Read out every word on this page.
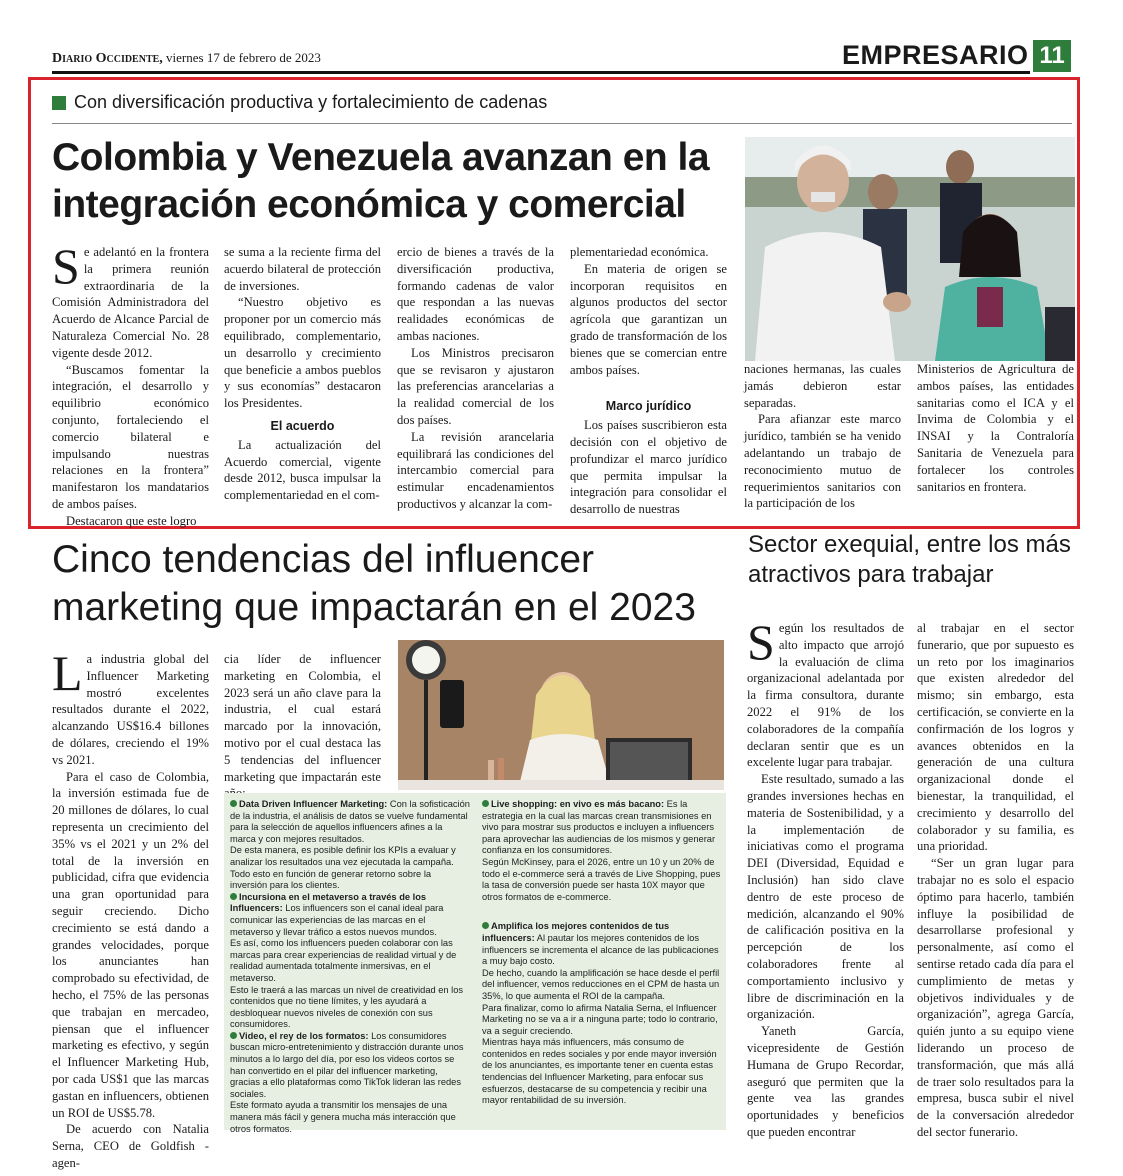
Diario Occidente, viernes 17 de febrero de 2023	EMPRESARIO 11
Con diversificación productiva y fortalecimiento de cadenas
Colombia y Venezuela avanzan en la integración económica y comercial
S e adelantó en la frontera la primera reunión extraordinaria de la Comisión Administradora del Acuerdo de Alcance Parcial de Naturaleza Comercial No. 28 vigente desde 2012.

“Buscamos fomentar la integración, el desarrollo y equilibrio económico conjunto, fortaleciendo el comercio bilateral e impulsando nuestras relaciones en la frontera” manifestaron los mandatarios de ambos países.

Destacaron que este logro

se suma a la reciente firma del acuerdo bilateral de protección de inversiones.

“Nuestro objetivo es proponer por un comercio más equilibrado, complementario, un desarrollo y crecimiento que beneficie a ambos pueblos y sus economías” destacaron los Presidentes.

El acuerdo

La actualización del Acuerdo comercial, vigente desde 2012, busca impulsar la complementariedad en el com-

ercio de bienes a través de la diversificación productiva, formando cadenas de valor que respondan a las nuevas realidades económicas de ambas naciones.

Los Ministros precisaron que se revisaron y ajustaron las preferencias arancelarias a la realidad comercial de los dos países.

La revisión arancelaria equilibrará las condiciones del intercambio comercial para estimular encadenamientos productivos y alcanzar la com-

plementariedad económica.

En materia de origen se incorporan requisitos en algunos productos del sector agrícola que garantizan un grado de transformación de los bienes que se comercian entre ambos países.

Marco jurídico

Los países suscribieron esta decisión con el objetivo de profundizar el marco jurídico que permita impulsar la integración para consolidar el desarrollo de nuestras

naciones hermanas, las cuales jamás debieron estar separadas.

Para afianzar este marco jurídico, también se ha venido adelantando un trabajo de reconocimiento mutuo de requerimientos sanitarios con la participación de los

Ministerios de Agricultura de ambos países, las entidades sanitarias como el ICA y el Invima de Colombia y el INSAI y la Contraloría Sanitaria de Venezuela para fortalecer los controles sanitarios en frontera.

Cinco tendencias del influencer marketing que impactarán en el 2023
L a industria global del Influencer Marketing mostró excelentes resultados durante el 2022, alcanzando US$16.4 billones de dólares, creciendo el 19% vs 2021.

Para el caso de Colombia, la inversión estimada fue de 20 millones de dólares, lo cual representa un crecimiento del 35% vs el 2021 y un 2% del total de la inversión en publicidad, cifra que evidencia una gran oportunidad para seguir creciendo. Dicho crecimiento se está dando a grandes velocidades, porque los anunciantes han comprobado su efectividad, de hecho, el 75% de las personas que trabajan en mercadeo, piensan que el influencer marketing es efectivo, y según el Influencer Marketing Hub, por cada US$1 que las marcas gastan en influencers, obtienen un ROI de US$5.78.

De acuerdo con Natalia Serna, CEO de Goldfish - agen-

cia líder de influencer marketing en Colombia, el 2023 será un año clave para la industria, el cual estará marcado por la innovación, motivo por el cual destaca las 5 tendencias del influencer marketing que impactarán este

Data Driven Influencer Marketing: Con la sofisticación de la industria, el análisis de datos se vuelve fundamental para la selección de aquellos influencers afines a la marca y con mejores resultados.

De esta manera, es posible definir los KPIs a evaluar y analizar los resultados una vez ejecutada la campaña. Todo esto en función de generar retorno sobre la inversión para los clientes.

Incursiona en el metaverso a través de los Influencers: Los influencers son el canal ideal para comunicar las experiencias de las marcas en el metaverso y llevar tráfico a estos nuevos mundos.

Es así, como los influencers pueden colaborar con las marcas para crear experiencias de realidad virtual y de realidad aumentada totalmente inmersivas, en el metaverso.

Esto le traerá a las marcas un nivel de creatividad en los contenidos que no tiene límites, y les ayudará a desbloquear nuevos niveles de conexión con sus consumidores.

Video, el rey de los formatos: Los consumidores buscan micro-entretenimiento y distracción durante unos minutos a lo largo del día, por eso los videos cortos se han convertido en el pilar del influencer marketing, gracias a ello plataformas como TikTok lideran las redes sociales.

Este formato ayuda a transmitir los mensajes de una manera más fácil y genera mucha más interacción que otros formatos.

Live shopping: en vivo es más bacano: Es la estrategia en la cual las marcas crean transmisiones en vivo para mostrar sus productos e incluyen a influencers para aprovechar las audiencias de los mismos y generar confianza en los consumidores.

Según McKinsey, para el 2026, entre un 10 y un 20% de todo el e-commerce será a través de Live Shopping, pues la tasa de conversión puede ser hasta 10X mayor que otros formatos de e-commerce.

Amplifica los mejores contenidos de tus influencers: Al pautar los mejores contenidos de los influencers se incrementa el alcance de las publicaciones a muy bajo costo.

De hecho, cuando la amplificación se hace desde el perfil del influencer, vemos reducciones en el CPM de hasta un 35%, lo que aumenta el ROI de la campaña.

Para finalizar, como lo afirma Natalia Serna, el Influencer Marketing no se va a ir a ninguna parte; todo lo contrario, va a seguir creciendo.

Mientras haya más influencers, más consumo de contenidos en redes sociales y por ende mayor inversión de los anunciantes, es importante tener en cuenta estas tendencias del Influencer Marketing, para enfocar sus esfuerzos, destacarse de su competencia y recibir una mayor rentabilidad de su inversión.

Sector exequial, entre los más atractivos para trabajar
S egún los resultados de alto impacto que arrojó la evaluación de clima organizacional adelantada por la firma consultora, durante 2022 el 91% de los colaboradores de la compañía declaran sentir que es un excelente lugar para trabajar.

Este resultado, sumado a las grandes inversiones hechas en materia de Sostenibilidad, y a la implementación de iniciativas como el programa DEI (Diversidad, Equidad e Inclusión) han sido clave dentro de este proceso de medición, alcanzando el 90% de calificación positiva en la percepción de los colaboradores frente al comportamiento inclusivo y libre de discriminación en la organización.

Yaneth García, vicepresidente de Gestión Humana de Grupo Recordar, aseguró que permiten que la gente vea las grandes oportunidades y beneficios que pueden encontrar

al trabajar en el sector funerario, que por supuesto es un reto por los imaginarios que existen alrededor del mismo; sin embargo, esta certificación, se convierte en la confirmación de los logros y avances obtenidos en la generación de una cultura organizacional donde el bienestar, la tranquilidad, el crecimiento y desarrollo del colaborador y su familia, es una prioridad.

“Ser un gran lugar para trabajar no es solo el espacio óptimo para hacerlo, también influye la posibilidad de desarrollarse profesional y personalmente, así como el sentirse retado cada día para el cumplimiento de metas y objetivos individuales y de organización”, agrega García, quién junto a su equipo viene liderando un proceso de transformación, que más allá de traer solo resultados para la empresa, busca subir el nivel de la conversación alrededor del sector funerario.
